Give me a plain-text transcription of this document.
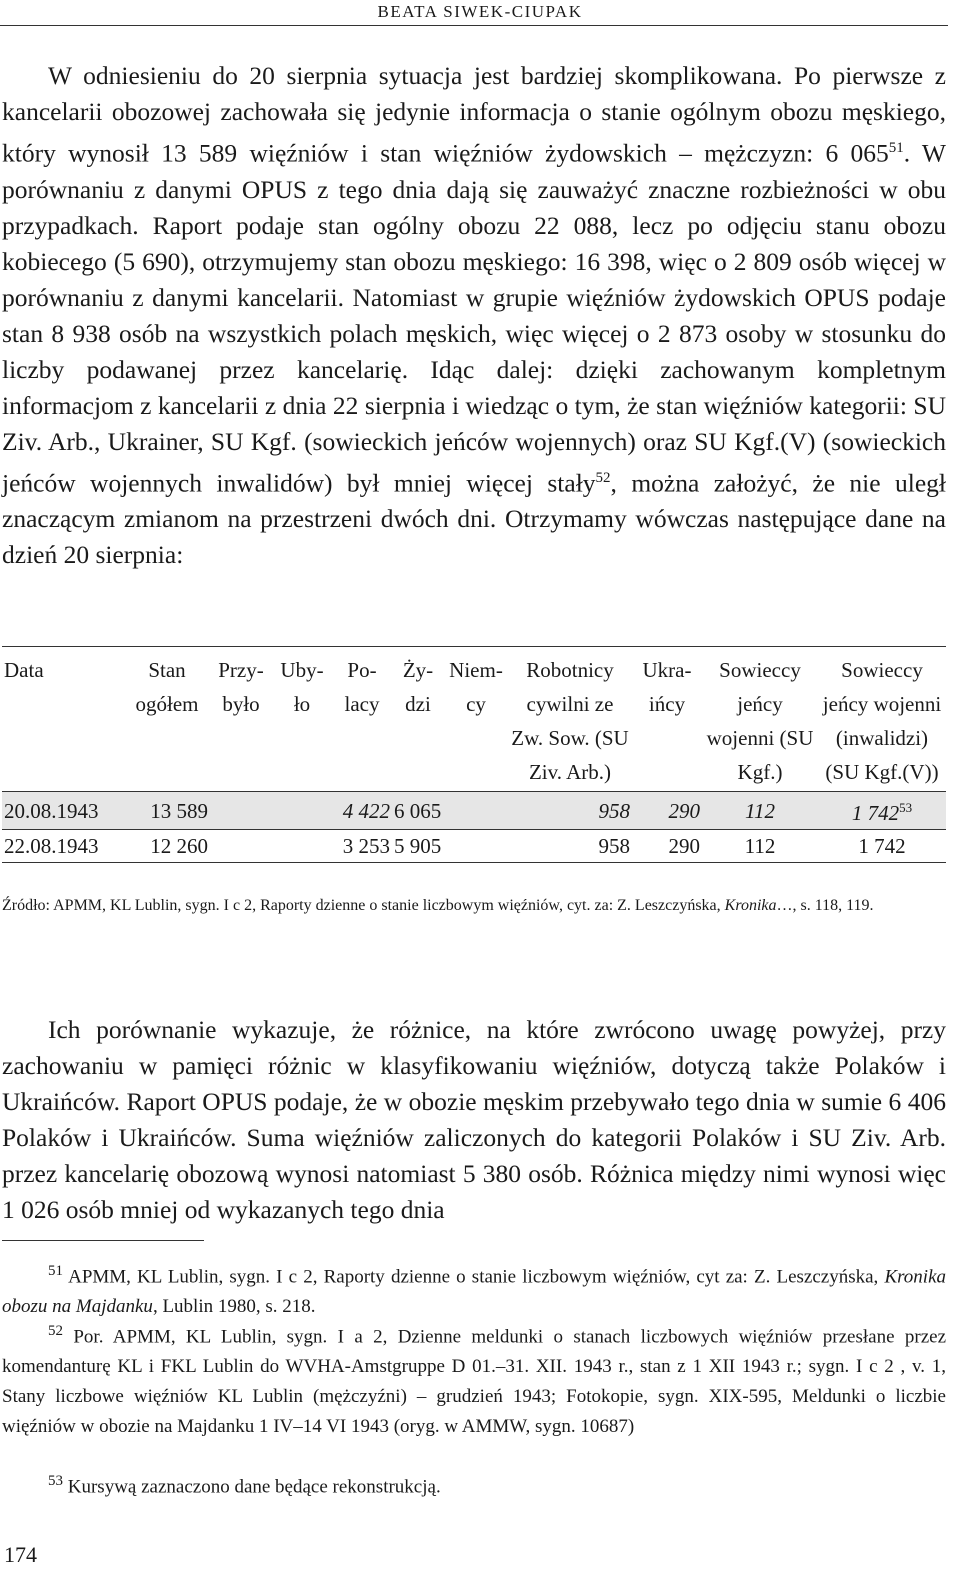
BEATA SIWEK-CIUPAK
W odniesieniu do 20 sierpnia sytuacja jest bardziej skomplikowana. Po pierwsze z kancelarii obozowej zachowała się jedynie informacja o stanie ogólnym obozu męskiego, który wynosił 13 589 więźniów i stan więźniów żydowskich – mężczyzn: 6 $065^{51}$. W porównaniu z danymi OPUS z tego dnia dają się zauważyć znaczne rozbieżności w obu przypadkach. Raport podaje stan ogólny obozu 22 088, lecz po odjęciu stanu obozu kobiecego (5 690), otrzymujemy stan obozu męskiego: 16 398, więc o 2 809 osób więcej w porównaniu z danymi kancelarii. Natomiast w grupie więźniów żydowskich OPUS podaje stan 8 938 osób na wszystkich polach męskich, więc więcej o 2 873 osoby w stosunku do liczby podawanej przez kancelarię. Idąc dalej: dzięki zachowanym kompletnym informacjom z kancelarii z dnia 22 sierpnia i wiedząc o tym, że stan więźniów kategorii: SU Ziv. Arb., Ukrainer, SU Kgf. (sowieckich jeńców wojennych) oraz SU Kgf.(V) (sowieckich jeńców wojennych inwalidów) był mniej więcej stały$^{52}$, można założyć, że nie uległ znaczącym zmianom na przestrzeni dwóch dni. Otrzymamy wówczas następujące dane na dzień 20 sierpnia:
Data	Stan ogółem	Przy-było	Uby-ło	Po-lacy	Ży-dzi	Niem-cy	Robotnicy cywilni ze Zw. Sow. (SU Ziv. Arb.)	Ukra-ińcy	Sowieccy jeńcy wojenni (SU Kgf.)	Sowieccy jeńcy wojenni (inwalidzi) (SU Kgf.(V))
20.08.1943	13 589			4 422	6 065		958	290	112	1 $742^{53}$
22.08.1943	12 260			3 253	5 905		958	290	112	1 742
Źródło: APMM, KL Lublin, sygn. I c 2, Raporty dzienne o stanie liczbowym więźniów, cyt. za: Z. Leszczyńska, Kronika…, s. 118, 119.
Ich porównanie wykazuje, że różnice, na które zwrócono uwagę powyżej, przy zachowaniu w pamięci różnic w klasyfikowaniu więźniów, dotyczą także Polaków i Ukraińców. Raport OPUS podaje, że w obozie męskim przebywało tego dnia w sumie 6 406 Polaków i Ukraińców. Suma więźniów zaliczonych do kategorii Polaków i SU Ziv. Arb. przez kancelarię obozową wynosi natomiast 5 380 osób. Różnica między nimi wynosi więc 1 026 osób mniej od wykazanych tego dnia
$^{51}$ APMM, KL Lublin, sygn. I c 2, Raporty dzienne o stanie liczbowym więźniów, cyt za: Z. Leszczyńska, Kronika obozu na Majdanku, Lublin 1980, s. 218.
$^{52}$ Por. APMM, KL Lublin, sygn. I a 2, Dzienne meldunki o stanach liczbowych więźniów przesłane przez komendanturę KL i FKL Lublin do WVHA-Amstgruppe D 01.–31. XII. 1943 r., stan z 1 XII 1943 r.; sygn. I c 2 , v. 1, Stany liczbowe więźniów KL Lublin (mężczyźni) – grudzień 1943; Fotokopie, sygn. XIX-595, Meldunki o liczbie więźniów w obozie na Majdanku 1 IV–14 VI 1943 (oryg. w AMMW, sygn. 10687)
$^{53}$ Kursywą zaznaczono dane będące rekonstrukcją.
174
